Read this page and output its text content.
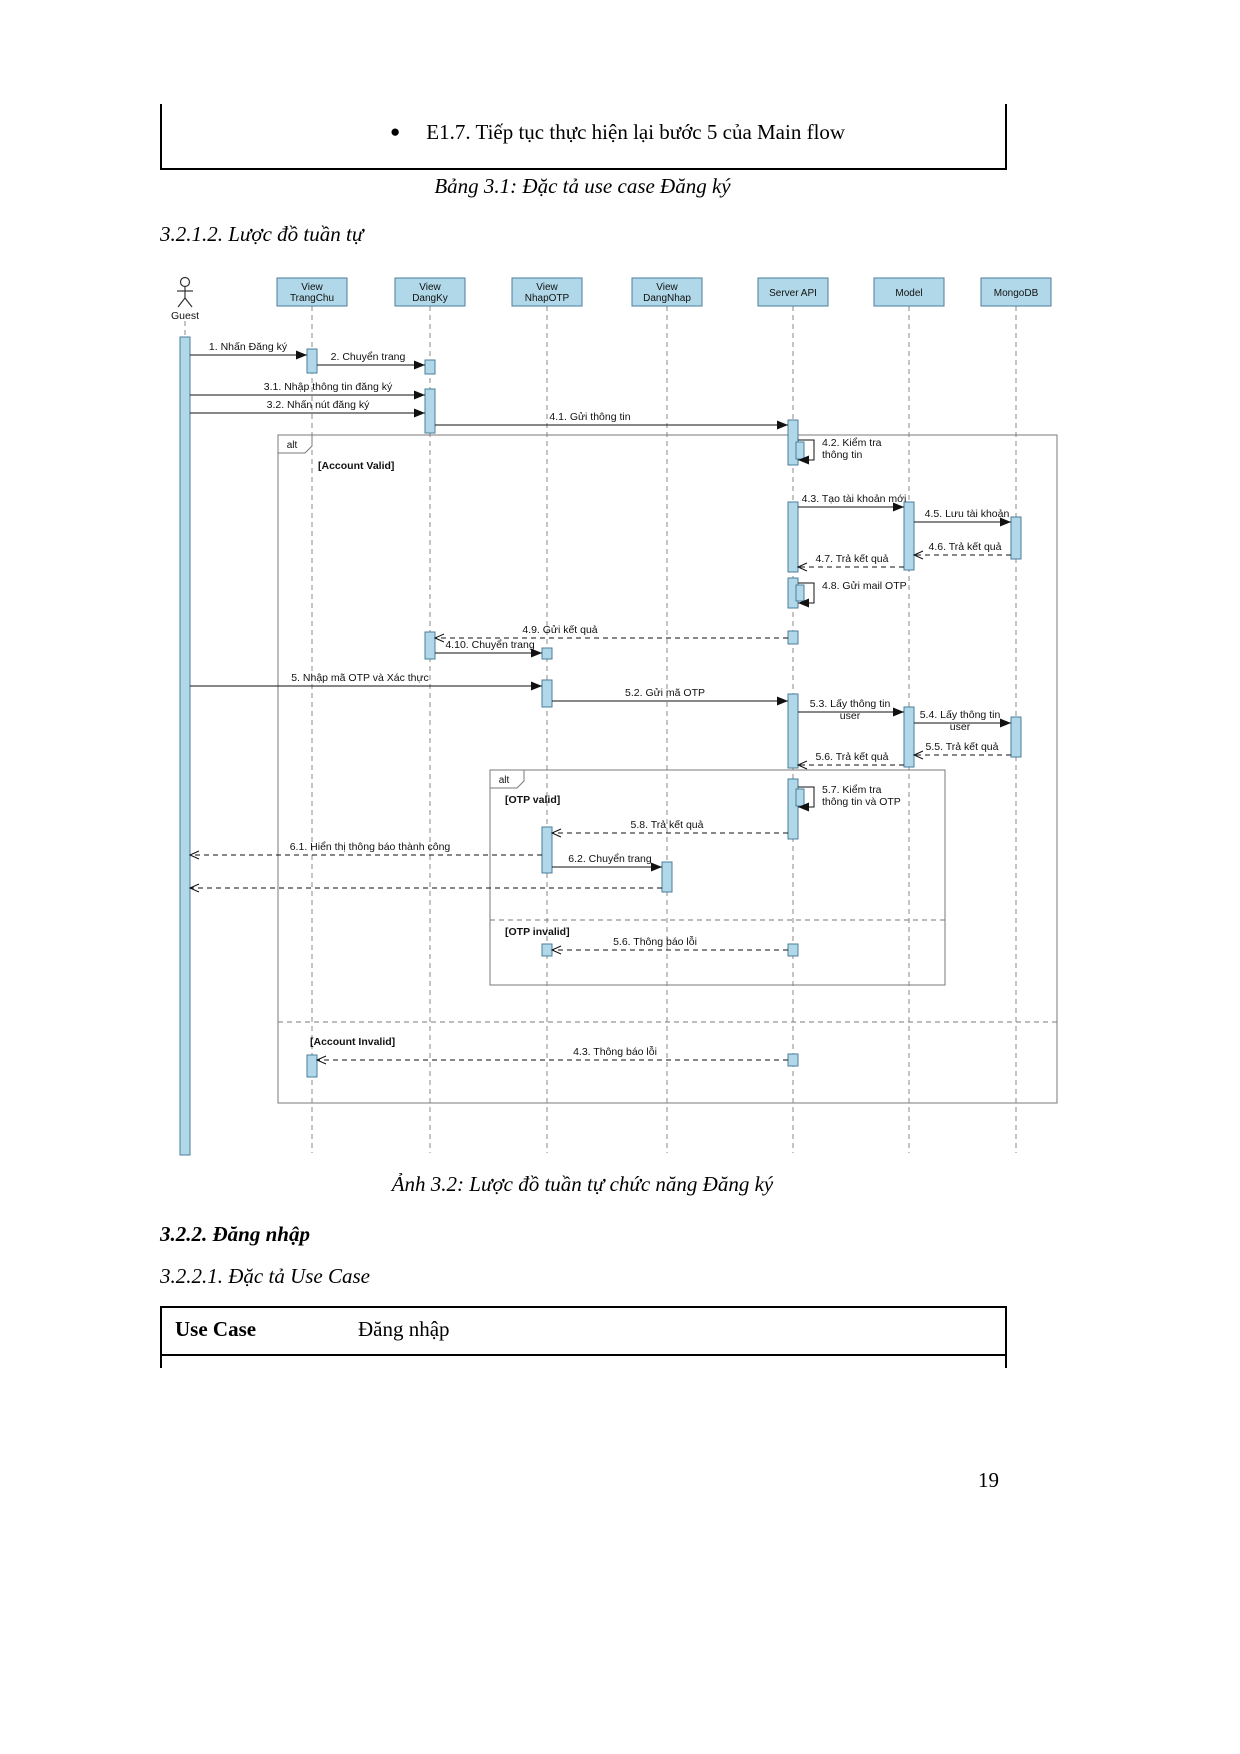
● E1.7. Tiếp tục thực hiện lại bước 5 của Main flow
Bảng 3.1: Đặc tả use case Đăng ký
3.2.1.2. Lược đồ tuần tự
Guest
alt
[Account Valid]
[Account Invalid]
alt
[OTP valid]
[OTP invalid]
View
TrangChu
View
DangKy
View
NhapOTP
View
DangNhap	Server API	Model	MongoDB
1. Nhấn Đăng ký
2. Chuyển trang
3.1. Nhập thông tin đăng ký
3.2. Nhấn nút đăng ký
4.1. Gửi thông tin
4.2. Kiểm tra
thông tin
4.3. Tạo tài khoản mới
4.5. Lưu tài khoản
4.6. Trả kết quả
4.7. Trả kết quả
4.8. Gửi mail OTP
4.9. Gửi kết quả
4.10. Chuyển trang
5. Nhập mã OTP và Xác thực
5.2. Gửi mã OTP
5.3. Lấy thông tin
user	5.4. Lấy thông tin
user
5.5. Trả kết quả
5.6. Trả kết quả
5.7. Kiểm tra
thông tin và OTP
5.8. Trả kết quả
6.1. Hiển thị thông báo thành công
6.2. Chuyển trang
5.6. Thông báo lỗi
4.3. Thông báo lỗi
Ảnh 3.2: Lược đồ tuần tự chức năng Đăng ký
3.2.2. Đăng nhập
3.2.2.1. Đặc tả Use Case
Use Case	Đăng nhập
19
